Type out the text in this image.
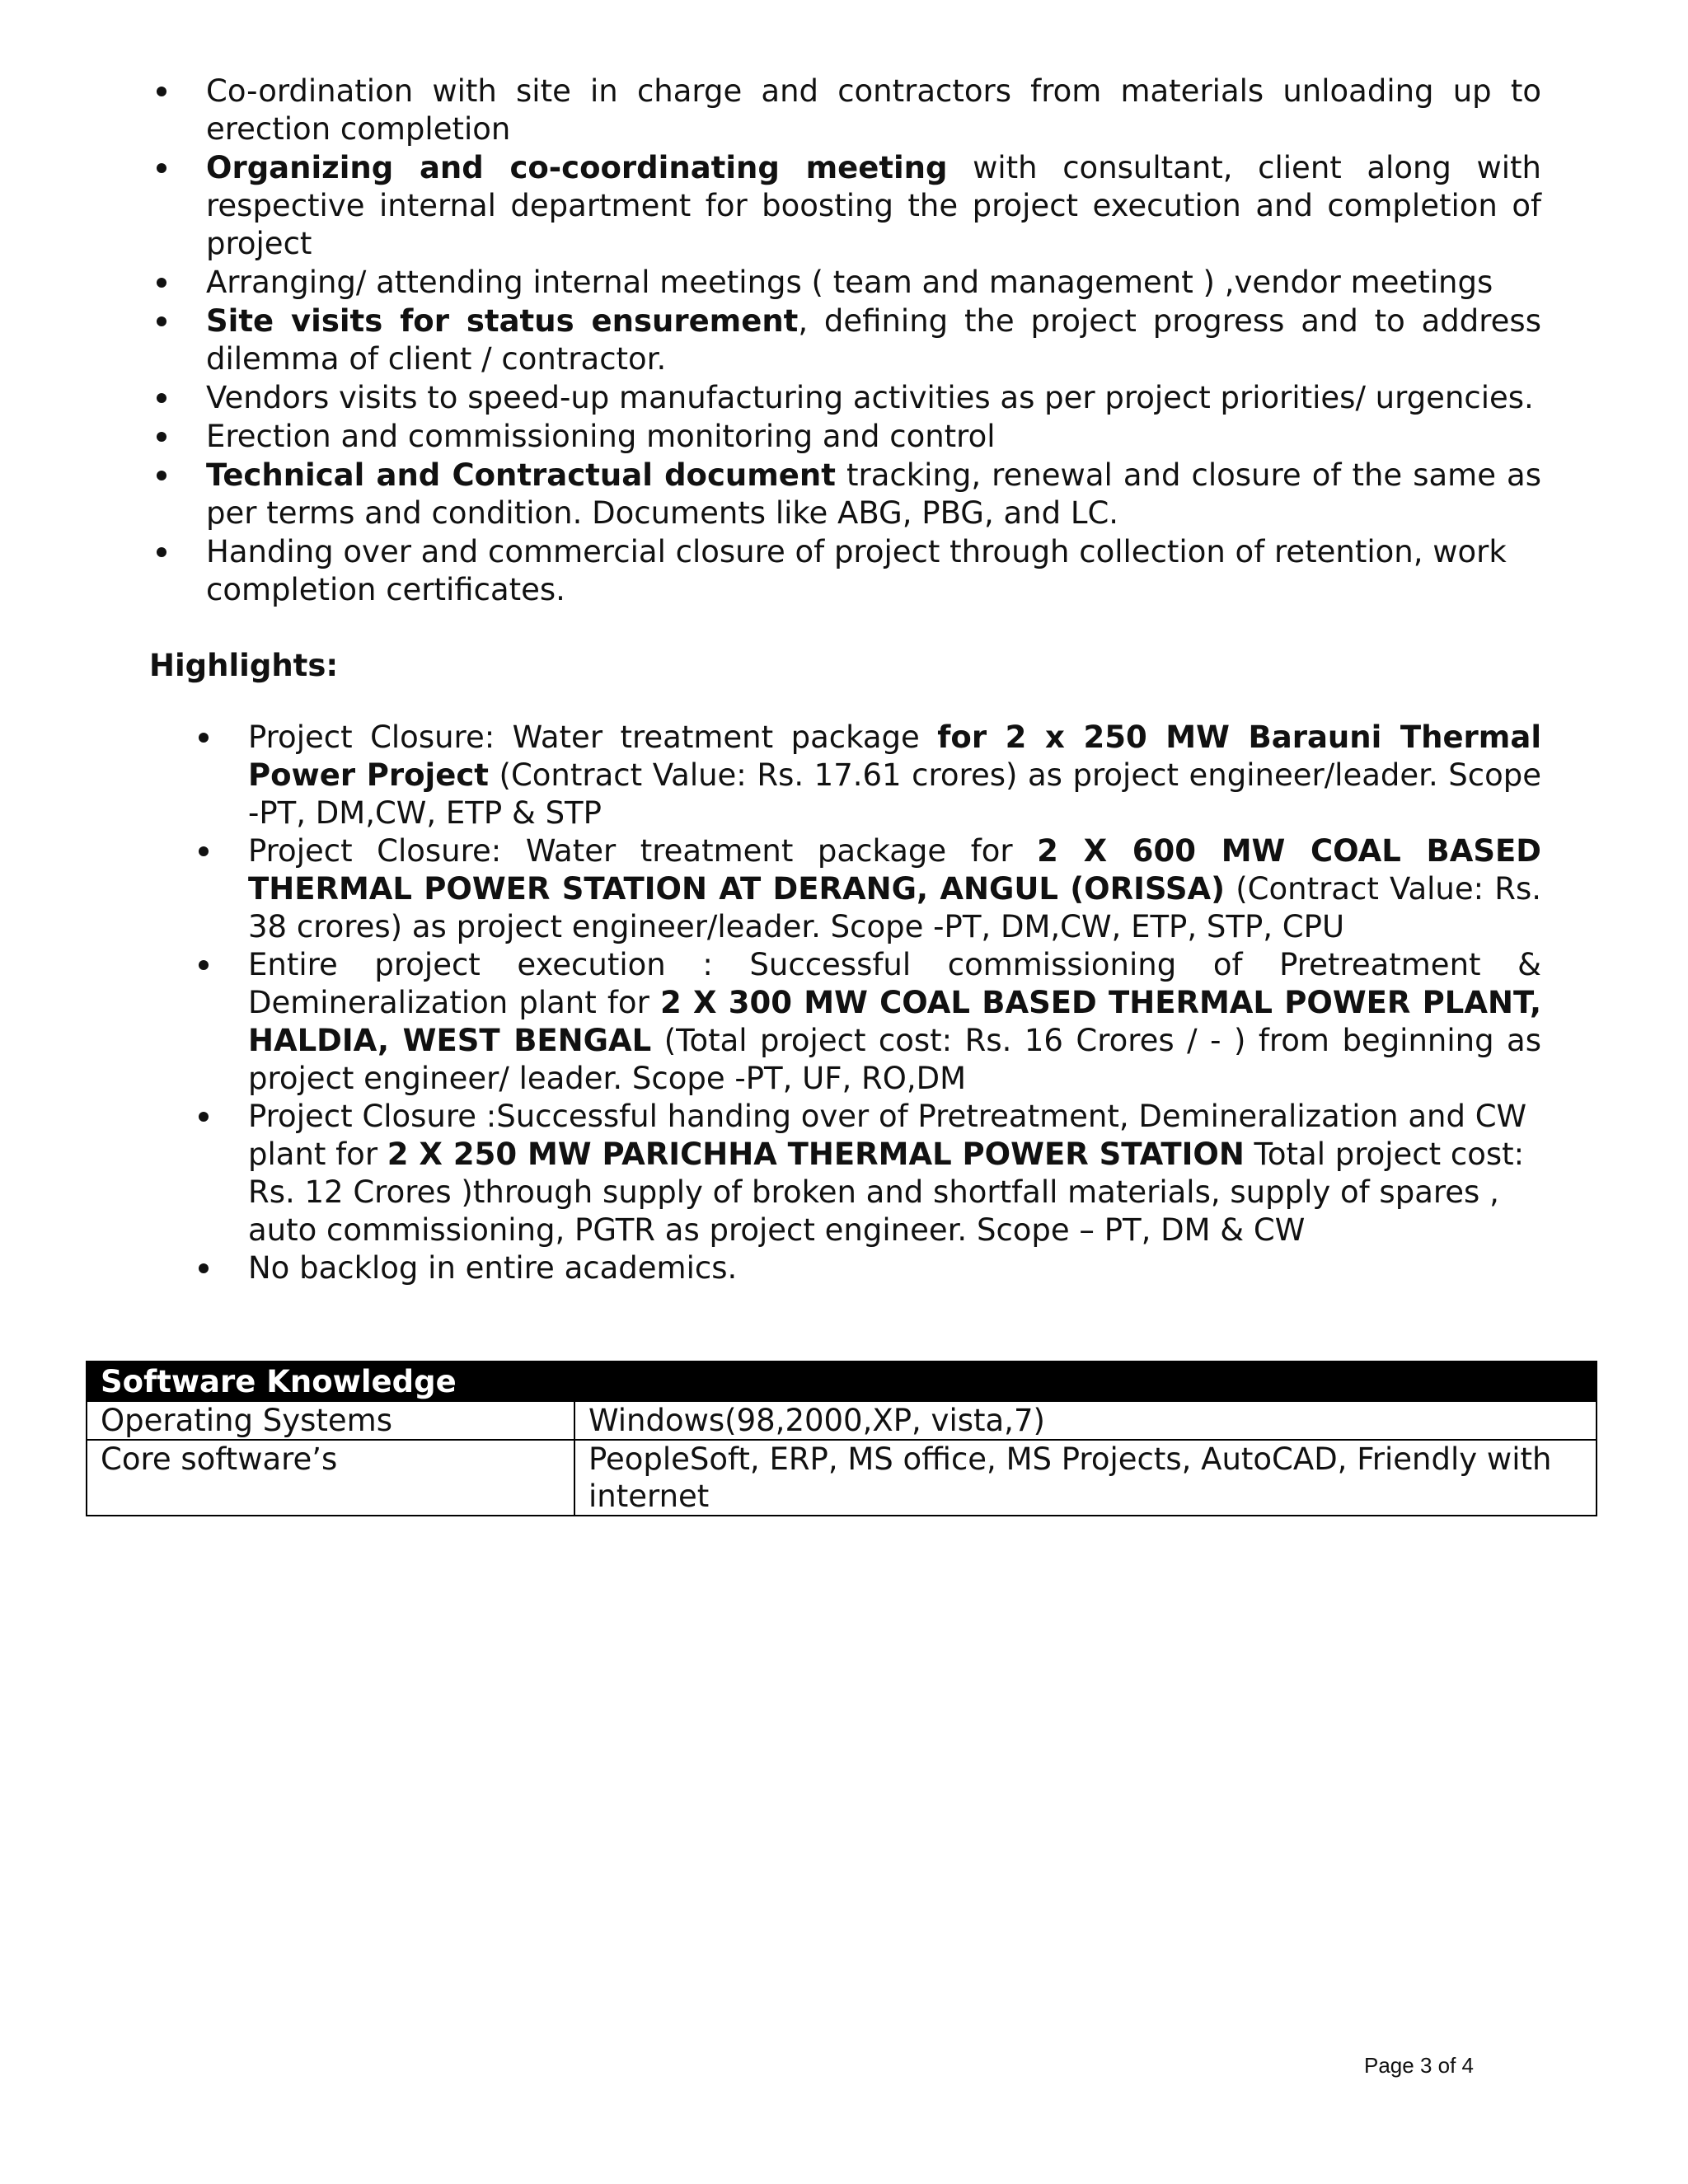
Co-ordination with site in charge and contractors from materials unloading up to erection completion
Organizing and co-coordinating meeting with consultant, client along with respective internal department for boosting the project execution and completion of project
Arranging/ attending internal meetings ( team and management ) ,vendor meetings
Site visits for status ensurement, defining the project progress and to address dilemma of client / contractor.
Vendors visits to speed-up manufacturing activities as per project priorities/ urgencies.
Erection and commissioning monitoring and control
Technical and Contractual document tracking, renewal and closure of the same as per terms and condition. Documents like ABG, PBG, and LC.
Handing over and commercial closure of project through collection of retention, work completion certificates.
Highlights:
Project Closure: Water treatment package for 2 x 250 MW Barauni Thermal Power Project (Contract Value: Rs. 17.61 crores) as project engineer/leader. Scope -PT, DM,CW, ETP & STP
Project Closure: Water treatment package for 2 X 600 MW COAL BASED THERMAL POWER STATION AT DERANG, ANGUL (ORISSA) (Contract Value: Rs. 38 crores) as project engineer/leader. Scope -PT, DM,CW, ETP, STP, CPU
Entire project execution : Successful commissioning of Pretreatment & Demineralization plant for 2 X 300 MW COAL BASED THERMAL POWER PLANT, HALDIA, WEST BENGAL (Total project cost: Rs. 16 Crores / - ) from beginning as project engineer/ leader. Scope -PT, UF, RO,DM
Project Closure :Successful handing over of Pretreatment, Demineralization and CW plant for 2 X 250 MW PARICHHA THERMAL POWER STATION Total project cost: Rs. 12 Crores )through supply of broken and shortfall materials, supply of spares , auto commissioning, PGTR as project engineer. Scope – PT, DM & CW
No backlog in entire academics.
Software Knowledge	
Operating Systems	Windows(98,2000,XP, vista,7)
Core software’s	PeopleSoft, ERP, MS office, MS Projects, AutoCAD, Friendly with internet
Page 3 of 4
